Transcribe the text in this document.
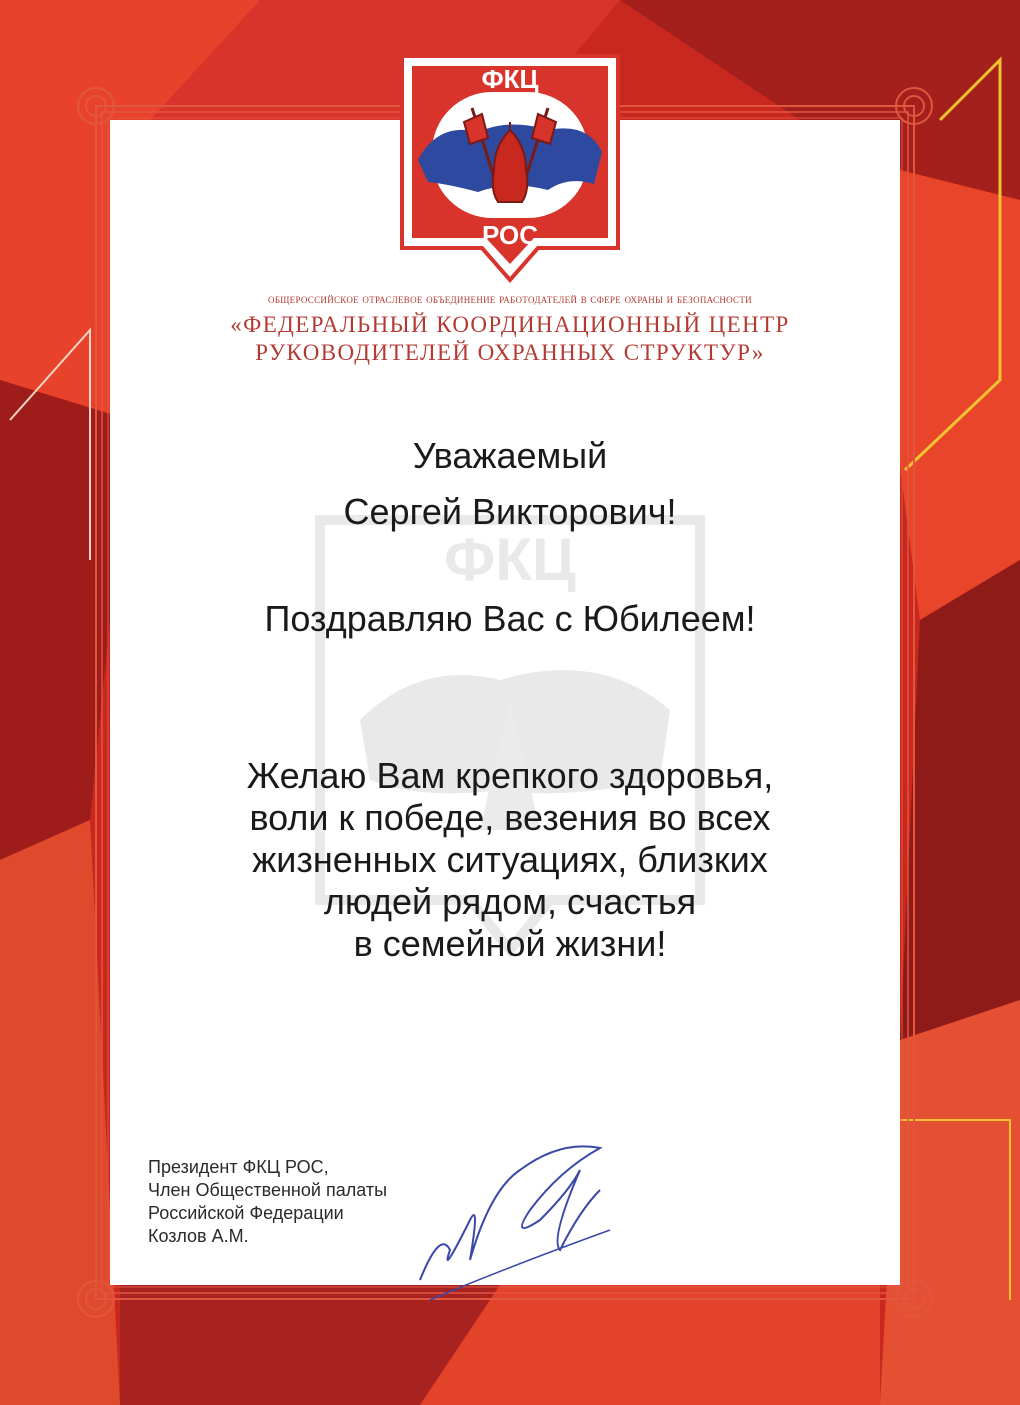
ФКЦ
ФКЦ
РОС
общероссийское отраслевое объединение работодателей в сфере охраны и безопасности
«ФЕДЕРАЛЬНЫЙ КООРДИНАЦИОННЫЙ ЦЕНТР
РУКОВОДИТЕЛЕЙ ОХРАННЫХ СТРУКТУР»
Уважаемый
Сергей Викторович!
Поздравляю Вас с Юбилеем!
Желаю Вам крепкого здоровья,
воли к победе, везения во всех
жизненных ситуациях, близких
людей рядом, счастья
в семейной жизни!
Президент ФКЦ РОС,
Член Общественной палаты
Российской Федерации
Козлов А.М.
